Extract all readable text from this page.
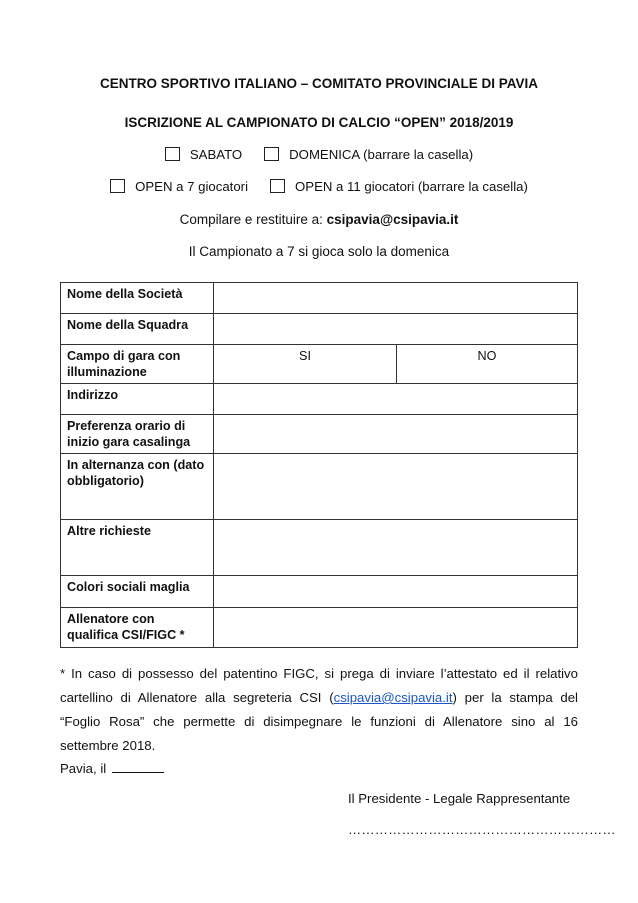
CENTRO SPORTIVO ITALIANO – COMITATO PROVINCIALE DI PAVIA
ISCRIZIONE AL CAMPIONATO DI CALCIO “OPEN” 2018/2019
SABATO	DOMENICA (barrare la casella)
OPEN a 7 giocatori	OPEN a 11 giocatori (barrare la casella)
Compilare e restituire a: csipavia@csipavia.it
Il Campionato a 7 si gioca solo la domenica
Nome della Società		
Nome della Squadra		
Campo di gara con illuminazione	SI	NO
Indirizzo		
Preferenza orario di inizio gara casalinga		
In alternanza con (dato obbligatorio)		
Altre richieste		
Colori sociali maglia		
Allenatore con qualifica CSI/FIGC *		
* In caso di possesso del patentino FIGC, si prega di inviare l’attestato ed il relativo cartellino di Allenatore alla segreteria CSI (csipavia@csipavia.it) per la stampa del “Foglio Rosa” che permette di disimpegnare le funzioni di Allenatore sino al 16 settembre 2018.
Pavia, il
Il Presidente - Legale Rappresentante
……………………………………………………
